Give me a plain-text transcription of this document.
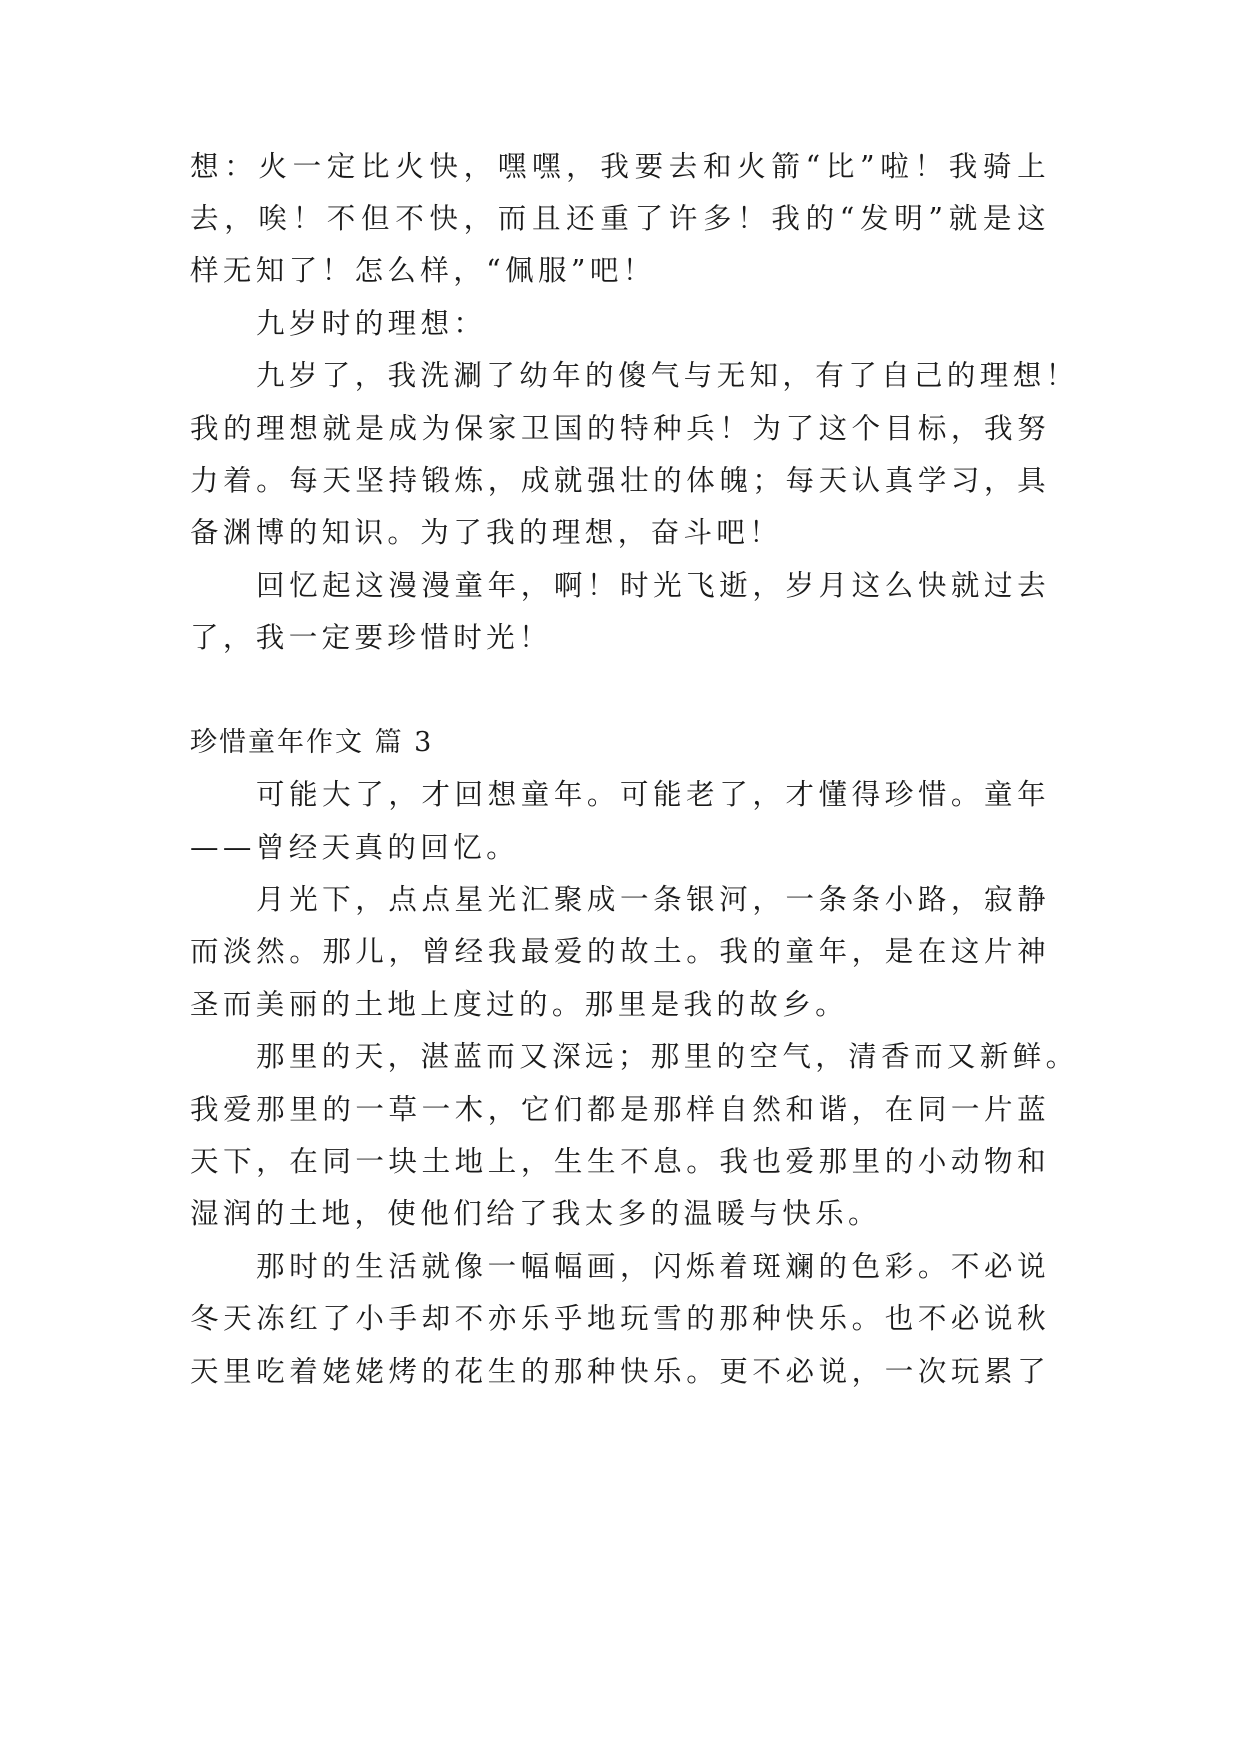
想：火一定比火快，嘿嘿，我要去和火箭“比”啦！我骑上
去，唉！不但不快，而且还重了许多！我的“发明”就是这
样无知了！怎么样，“佩服”吧！
九岁时的理想：
九岁了，我洗涮了幼年的傻气与无知，有了自己的理想！
我的理想就是成为保家卫国的特种兵！为了这个目标，我努
力着。每天坚持锻炼，成就强壮的体魄；每天认真学习，具
备渊博的知识。为了我的理想，奋斗吧！
回忆起这漫漫童年，啊！时光飞逝，岁月这么快就过去
了，我一定要珍惜时光！
珍惜童年作文 篇 3
可能大了，才回想童年。可能老了，才懂得珍惜。童年
——曾经天真的回忆。
月光下，点点星光汇聚成一条银河，一条条小路，寂静
而淡然。那儿，曾经我最爱的故土。我的童年，是在这片神
圣而美丽的土地上度过的。那里是我的故乡。
那里的天，湛蓝而又深远；那里的空气，清香而又新鲜。
我爱那里的一草一木，它们都是那样自然和谐，在同一片蓝
天下，在同一块土地上，生生不息。我也爱那里的小动物和
湿润的土地，使他们给了我太多的温暖与快乐。
那时的生活就像一幅幅画，闪烁着斑斓的色彩。不必说
冬天冻红了小手却不亦乐乎地玩雪的那种快乐。也不必说秋
天里吃着姥姥烤的花生的那种快乐。更不必说，一次玩累了
